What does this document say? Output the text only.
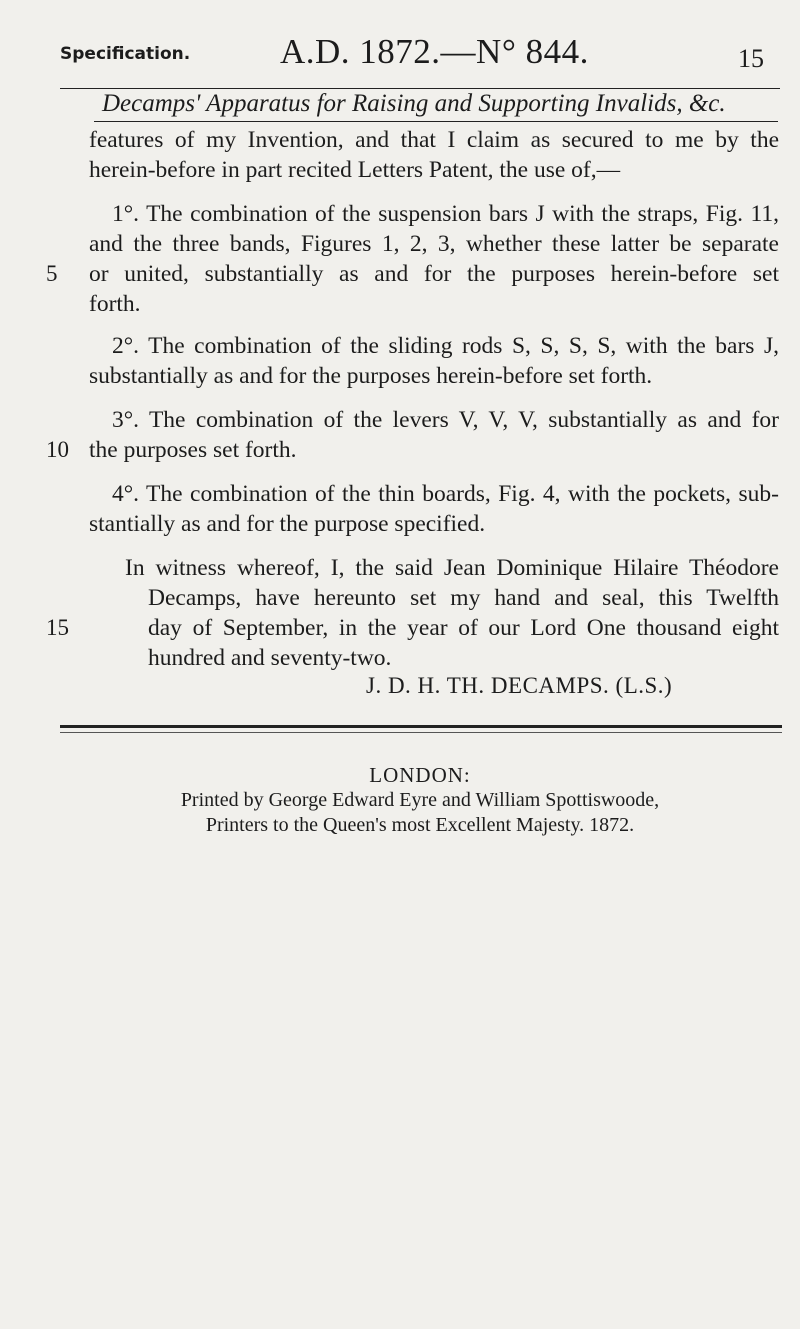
Specification.	A.D. 1872.—N° 844.	15
Decamps' Apparatus for Raising and Supporting Invalids, &c.
features of my Invention, and that I claim as secured to me by the
herein-before in part recited Letters Patent, the use of,—
1°. The combination of the suspension bars J with the straps, Fig. 11,
and the three bands, Figures 1, 2, 3, whether these latter be separate
5 or united, substantially as and for the purposes herein-before set
forth.
2°. The combination of the sliding rods S, S, S, S, with the bars J,
substantially as and for the purposes herein-before set forth.
3°. The combination of the levers V, V, V, substantially as and for
10 the purposes set forth.
4°. The combination of the thin boards, Fig. 4, with the pockets, sub-
stantially as and for the purpose specified.
In witness whereof, I, the said Jean Dominique Hilaire Théodore
Decamps, have hereunto set my hand and seal, this Twelfth
15	day of September, in the year of our Lord One thousand eight
hundred and seventy-two.
J. D. H. TH. DECAMPS. (L.S.)
LONDON:
Printed by George Edward Eyre and William Spottiswoode,
Printers to the Queen's most Excellent Majesty. 1872.
